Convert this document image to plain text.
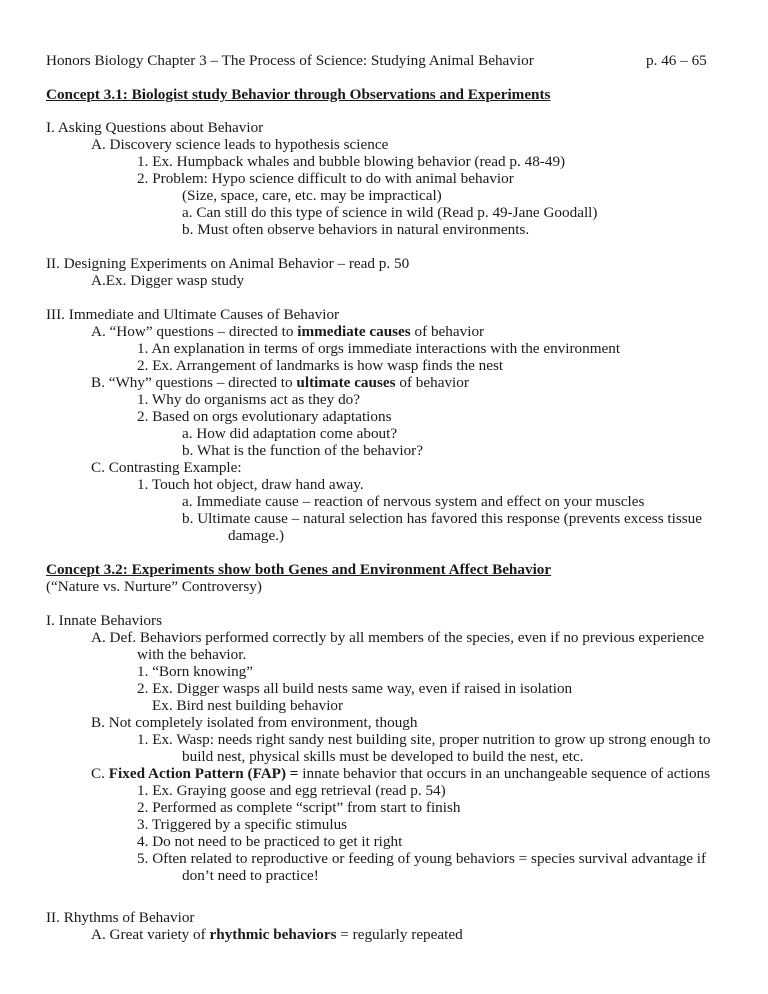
Honors Biology Chapter 3 – The Process of Science: Studying Animal Behavior	p. 46 – 65
Concept 3.1: Biologist study Behavior through Observations and Experiments
I. Asking Questions about Behavior
A. Discovery science leads to hypothesis science
1. Ex. Humpback whales and bubble blowing behavior (read p. 48-49)
2. Problem: Hypo science difficult to do with animal behavior
(Size, space, care, etc. may be impractical)
a. Can still do this type of science in wild (Read p. 49-Jane Goodall)
b. Must often observe behaviors in natural environments.
II. Designing Experiments on Animal Behavior – read p. 50
A.Ex. Digger wasp study
III. Immediate and Ultimate Causes of Behavior
A. “How” questions – directed to immediate causes of behavior
1. An explanation in terms of orgs immediate interactions with the environment
2. Ex. Arrangement of landmarks is how wasp finds the nest
B. “Why” questions – directed to ultimate causes of behavior
1. Why do organisms act as they do?
2. Based on orgs evolutionary adaptations
a. How did adaptation come about?
b. What is the function of the behavior?
C. Contrasting Example:
1. Touch hot object, draw hand away.
a. Immediate cause – reaction of nervous system and effect on your muscles
b. Ultimate cause – natural selection has favored this response (prevents excess tissue
damage.)
Concept 3.2: Experiments show both Genes and Environment Affect Behavior
(“Nature vs. Nurture” Controversy)
I. Innate Behaviors
A. Def. Behaviors performed correctly by all members of the species, even if no previous experience
with the behavior.
1. “Born knowing”
2. Ex. Digger wasps all build nests same way, even if raised in isolation
Ex. Bird nest building behavior
B. Not completely isolated from environment, though
1. Ex. Wasp: needs right sandy nest building site, proper nutrition to grow up strong enough to
build nest, physical skills must be developed to build the nest, etc.
C. Fixed Action Pattern (FAP) = innate behavior that occurs in an unchangeable sequence of actions
1. Ex. Graying goose and egg retrieval (read p. 54)
2. Performed as complete “script” from start to finish
3. Triggered by a specific stimulus
4. Do not need to be practiced to get it right
5. Often related to reproductive or feeding of young behaviors = species survival advantage if
don’t need to practice!
II. Rhythms of Behavior
A. Great variety of rhythmic behaviors = regularly repeated
